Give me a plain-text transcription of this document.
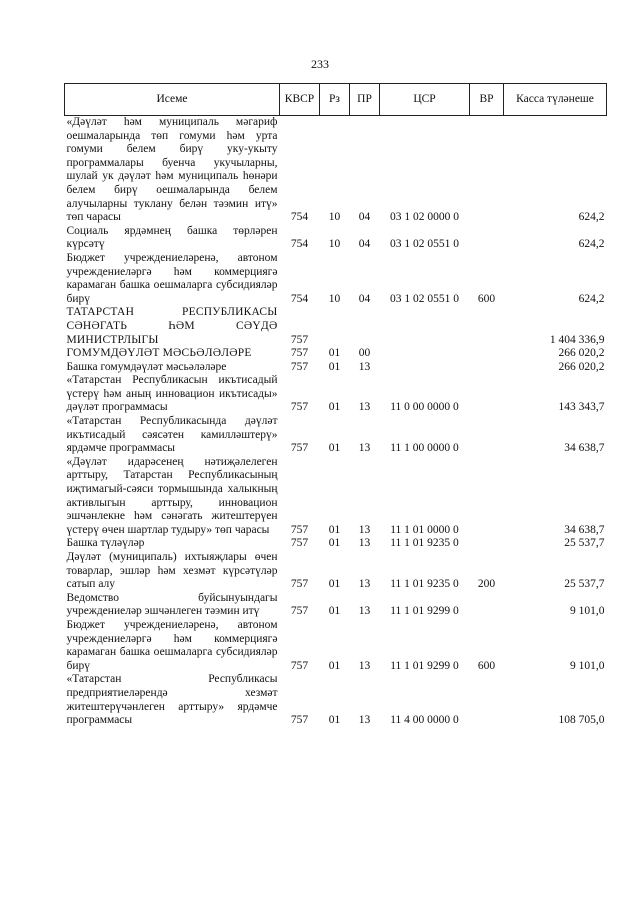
233
Исеме	КВСР	Рз	ПР	ЦСР	ВР	Касса түләнеше
«Дәүләт һәм муниципаль мәгариф оешмаларында төп гомуми һәм урта гомуми белем бирү уку-укыту программалары буенча укучыларны, шулай ук дәүләт һәм муниципаль һөнәри белем бирү оешмаларында белем алучыларны туклану белән тәэмин итү» төп чарасы	754	10	04	03 1 02 0000 0		624,2
Социаль ярдәмнең башка төрләрен күрсәтү	754	10	04	03 1 02 0551 0		624,2
Бюджет учреждениеләренә, автоном учреждениеләргә һәм коммерциягә карамаган башка оешмаларга субсидияләр бирү	754	10	04	03 1 02 0551 0	600	624,2
ТАТАРСТАН РЕСПУБЛИКАСЫ СӘНӘГАТЬ ҺӘМ СӘҮДӘ МИНИСТРЛЫГЫ	757					1 404 336,9
ГОМУМДӘҮЛӘТ МӘСЬӘЛӘЛӘРЕ	757	01	00			266 020,2
Башка гомумдәүләт мәсьәләләре	757	01	13			266 020,2
«Татарстан Республикасын икътисадый үстерү һәм аның инновацион икътисады» дәүләт программасы	757	01	13	11 0 00 0000 0		143 343,7
«Татарстан Республикасында дәүләт икътисадый сәясәтен камилләштерү» ярдәмче программасы	757	01	13	11 1 00 0000 0		34 638,7
«Дәүләт идарәсенең нәтиҗәлелеген арттыру, Татарстан Республикасының иҗтимагый-сәяси тормышында халыкның активлыгын арттыру, инновацион эшчәнлекне һәм сәнәгать житештерүен үстерү өчен шартлар тудыру» төп чарасы	757	01	13	11 1 01 0000 0		34 638,7
Башка түләүләр	757	01	13	11 1 01 9235 0		25 537,7
Дәүләт (муниципаль) ихтыяҗлары өчен товарлар, эшләр һәм хезмәт күрсәтүләр сатып алу	757	01	13	11 1 01 9235 0	200	25 537,7
Ведомство буйсынуындагы учреждениеләр эшчәнлеген тәэмин итү	757	01	13	11 1 01 9299 0		9 101,0
Бюджет учреждениеләренә, автоном учреждениеләргә һәм коммерциягә карамаган башка оешмаларга субсидияләр бирү	757	01	13	11 1 01 9299 0	600	9 101,0
«Татарстан Республикасы предприятиеләрендә хезмәт житештерүчәнлеген арттыру» ярдәмче программасы	757	01	13	11 4 00 0000 0		108 705,0
